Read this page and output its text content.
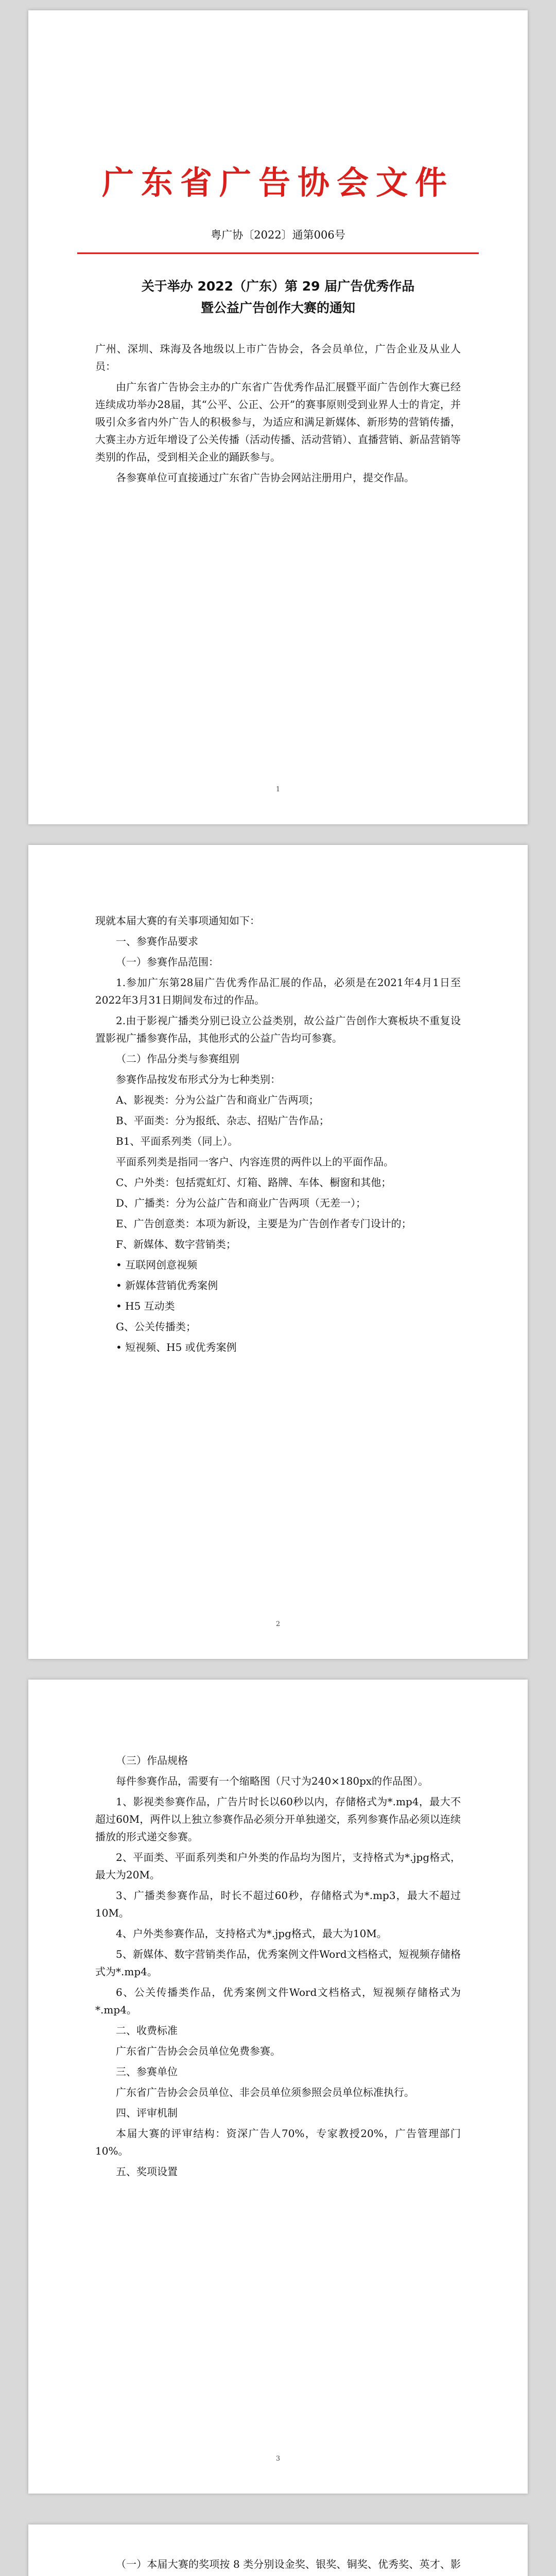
广东省广告协会文件
粤广协〔2022〕通第006号
关于举办 2022（广东）第 29 届广告优秀作品
暨公益广告创作大赛的通知

广州、深圳、珠海及各地级以上市广告协会，各会员单位，广告企业及从业人员：

由广东省广告协会主办的广东省广告优秀作品汇展暨平面广告创作大赛已经连续成功举办28届，其“公平、公正、公开”的赛事原则受到业界人士的肯定，并吸引众多省内外广告人的积极参与，为适应和满足新媒体、新形势的营销传播，大赛主办方近年增设了公关传播（活动传播、活动营销）、直播营销、新品营销等类别的作品，受到相关企业的踊跃参与。

各参赛单位可直接通过广东省广告协会网站注册用户，提交作品。

1

现就本届大赛的有关事项通知如下：

一、参赛作品要求

（一）参赛作品范围：

1.参加广东第28届广告优秀作品汇展的作品，必须是在2021年4月1日至2022年3月31日期间发布过的作品。

2.由于影视广播类分别已设立公益类别，故公益广告创作大赛板块不重复设置影视广播参赛作品，其他形式的公益广告均可参赛。

（二）作品分类与参赛组别

参赛作品按发布形式分为七种类别：

A、影视类：分为公益广告和商业广告两项；

B、平面类：分为报纸、杂志、招贴广告作品；

B1、平面系列类（同上）。

平面系列类是指同一客户、内容连贯的两件以上的平面作品。

C、户外类：包括霓虹灯、灯箱、路牌、车体、橱窗和其他；

D、广播类：分为公益广告和商业广告两项（无差一）；

E、广告创意类：本项为新设，主要是为广告创作者专门设计的；

F、新媒体、数字营销类；

• 互联网创意视频

• 新媒体营销优秀案例

• H5 互动类

G、公关传播类；

• 短视频、H5 或优秀案例

2

（三）作品规格

每件参赛作品，需要有一个缩略图（尺寸为240×180px的作品图）。

1、影视类参赛作品，广告片时长以60秒以内，存储格式为*.mp4，最大不超过60M，两件以上独立参赛作品必须分开单独递交，系列参赛作品必须以连续播放的形式递交参赛。

2、平面类、平面系列类和户外类的作品均为图片，支持格式为*.jpg格式，最大为20M。

3、广播类参赛作品，时长不超过60秒，存储格式为*.mp3，最大不超过10M。

4、户外类参赛作品，支持格式为*.jpg格式，最大为10M。

5、新媒体、数字营销类作品，优秀案例文件Word文档格式，短视频存储格式为*.mp4。

6、公关传播类作品，优秀案例文件Word文档格式，短视频存储格式为*.mp4。

二、收费标准

广东省广告协会会员单位免费参赛。

三、参赛单位

广东省广告协会会员单位、非会员单位须参照会员单位标准执行。

四、评审机制

本届大赛的评审结构：资深广告人70%，专家教授20%，广告管理部门10%。

五、奖项设置

3

（一）本届大赛的奖项按 8 类分别设金奖、银奖、铜奖、优秀奖、英才、影
